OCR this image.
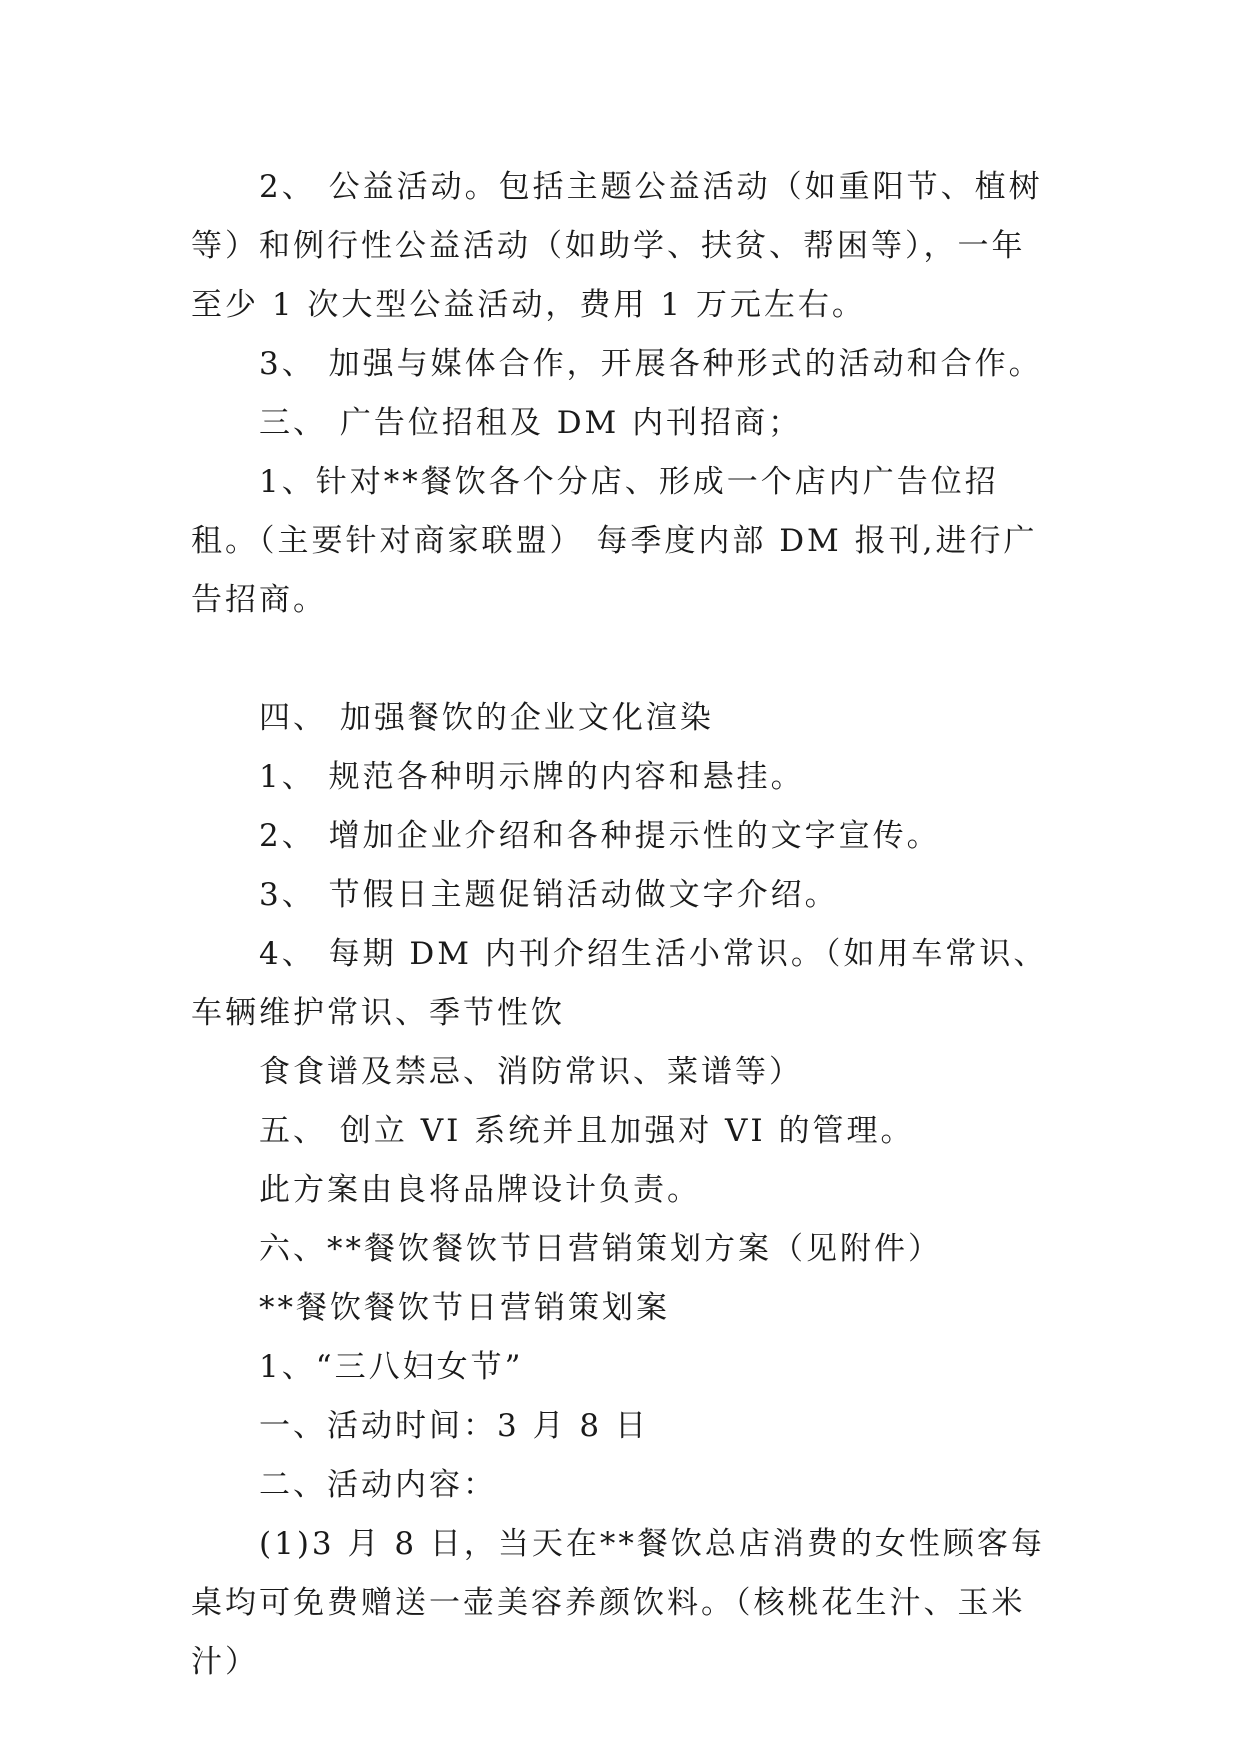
2、 公益活动。包括主题公益活动（如重阳节、植树等）和例行性公益活动（如助学、扶贫、帮困等），一年至少 1 次大型公益活动，费用 1 万元左右。

3、 加强与媒体合作，开展各种形式的活动和合作。

三、 广告位招租及 DM 内刊招商；

1、针对**餐饮各个分店、形成一个店内广告位招租。（主要针对商家联盟） 每季度内部 DM 报刊,进行广告招商。

四、 加强餐饮的企业文化渲染

1、 规范各种明示牌的内容和悬挂。

2、 增加企业介绍和各种提示性的文字宣传。

3、 节假日主题促销活动做文字介绍。

4、 每期 DM 内刊介绍生活小常识。（如用车常识、车辆维护常识、季节性饮

食食谱及禁忌、消防常识、菜谱等）

五、 创立 VI 系统并且加强对 VI 的管理。

此方案由良将品牌设计负责。

六、**餐饮餐饮节日营销策划方案（见附件）

**餐饮餐饮节日营销策划案

1、“三八妇女节”

一、活动时间：3 月 8 日

二、活动内容：

(1)3 月 8 日，当天在**餐饮总店消费的女性顾客每桌均可免费赠送一壶美容养颜饮料。（核桃花生汁、玉米汁）
